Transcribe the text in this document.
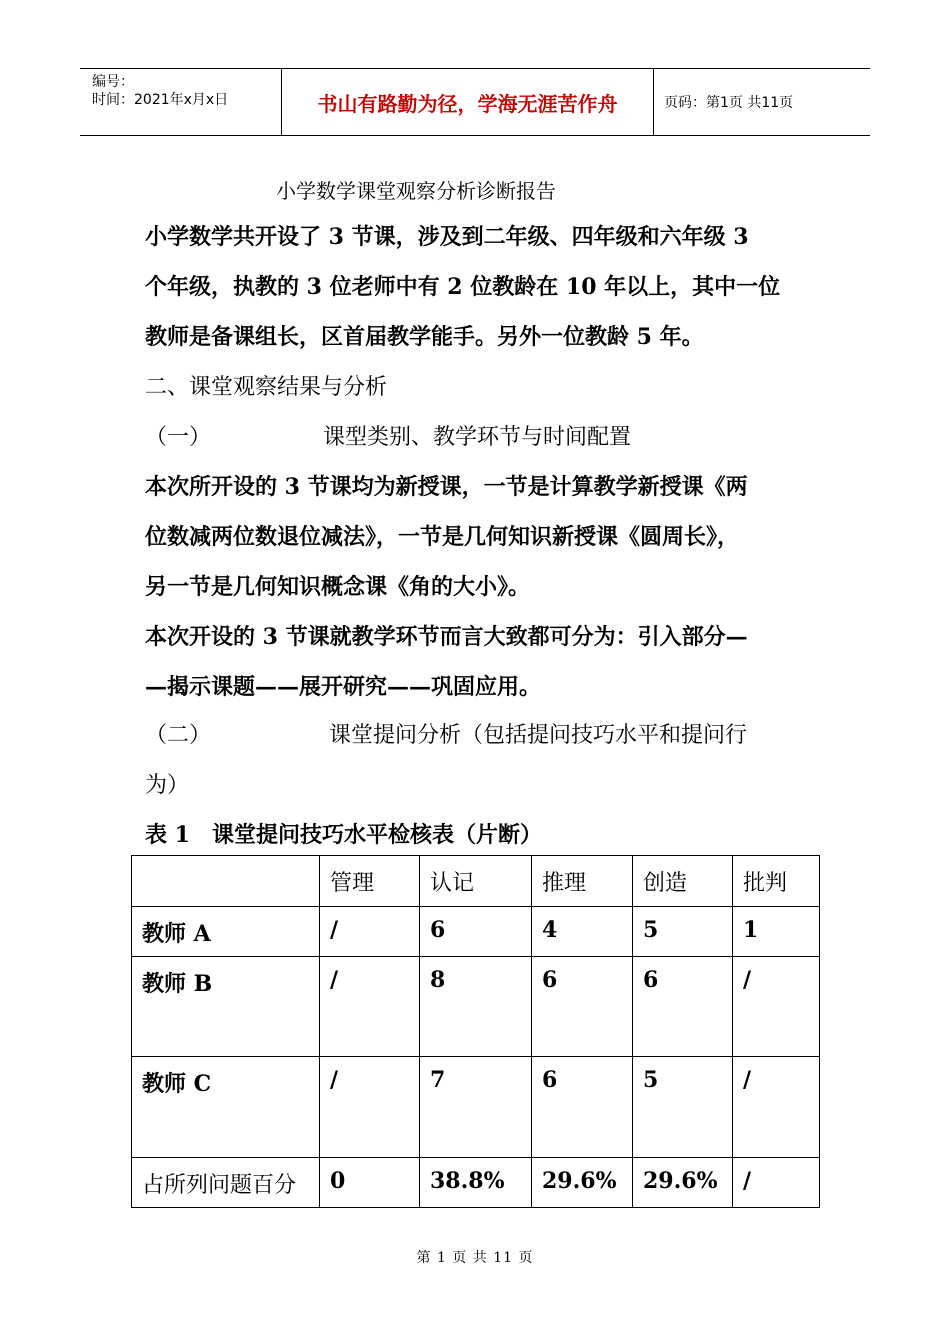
编号：
时间：2021年x月x日	书山有路勤为径，学海无涯苦作舟	页码：第1页 共11页
小学数学课堂观察分析诊断报告
小学数学共开设了 3 节课，涉及到二年级、四年级和六年级 3
个年级，执教的 3 位老师中有 2 位教龄在 10 年以上，其中一位
教师是备课组长，区首届教学能手。另外一位教龄 5 年。
二、课堂观察结果与分析
（一）	课型类别、教学环节与时间配置
本次所开设的 3 节课均为新授课，一节是计算教学新授课《两
位数减两位数退位减法》，一节是几何知识新授课《圆周长》，
另一节是几何知识概念课《角的大小》。
本次开设的 3 节课就教学环节而言大致都可分为：引入部分—
—揭示课题——展开研究——巩固应用。
（二）	课堂提问分析（包括提问技巧水平和提问行
为）
表 1　课堂提问技巧水平检核表（片断）
	管理	认记	推理	创造	批判
教师 A	/	6	4	5	1
教师 B	/	8	6	6	/
教师 C	/	7	6	5	/
占所列问题百分	0	38.8%	29.6%	29.6%	/
第 1 页 共 11 页
